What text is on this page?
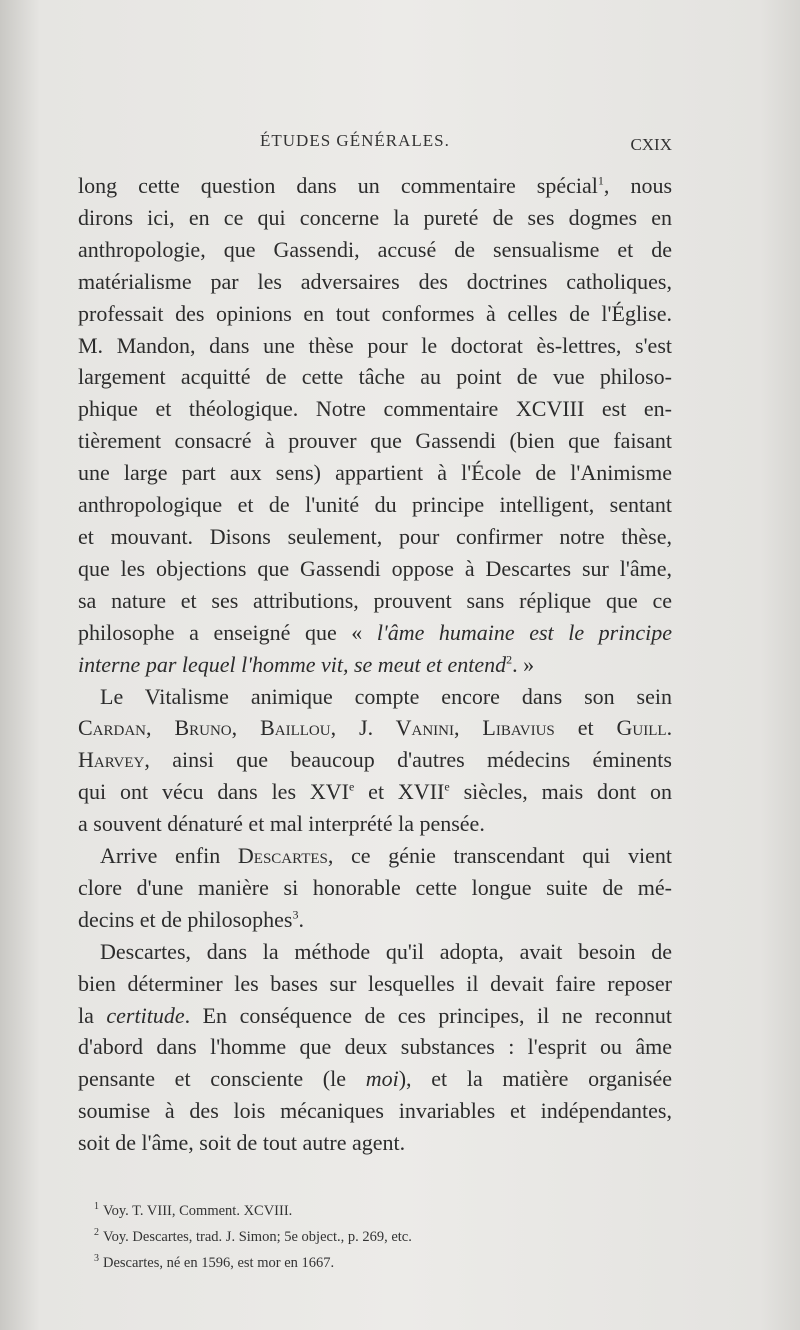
ÉTUDES GÉNÉRALES.	CXIX
long cette question dans un commentaire spécial$^1$, nous
dirons ici, en ce qui concerne la pureté de ses dogmes en
anthropologie, que Gassendi, accusé de sensualisme et de
matérialisme par les adversaires des doctrines catholiques,
professait des opinions en tout conformes à celles de l'Église.
M. Mandon, dans une thèse pour le doctorat ès-lettres, s'est
largement acquitté de cette tâche au point de vue philoso-
phique et théologique. Notre commentaire XCVIII est en-
tièrement consacré à prouver que Gassendi (bien que faisant
une large part aux sens) appartient à l'École de l'Animisme
anthropologique et de l'unité du principe intelligent, sentant
et mouvant. Disons seulement, pour confirmer notre thèse,
que les objections que Gassendi oppose à Descartes sur l'âme,
sa nature et ses attributions, prouvent sans réplique que ce
philosophe a enseigné que « l'âme humaine est le principe
interne par lequel l'homme vit, se meut et entend$^2$. »
Le Vitalisme animique compte encore dans son sein
Cardan, Bruno, Baillou, J. Vanini, Libavius et Guill.
Harvey, ainsi que beaucoup d'autres médecins éminents
qui ont vécu dans les XVIe et XVIIe siècles, mais dont on
a souvent dénaturé et mal interprété la pensée.
Arrive enfin Descartes, ce génie transcendant qui vient
clore d'une manière si honorable cette longue suite de mé-
decins et de philosophes$^3$.
Descartes, dans la méthode qu'il adopta, avait besoin de
bien déterminer les bases sur lesquelles il devait faire reposer
la certitude. En conséquence de ces principes, il ne reconnut
d'abord dans l'homme que deux substances : l'esprit ou âme
pensante et consciente (le moi), et la matière organisée
soumise à des lois mécaniques invariables et indépendantes,
soit de l'âme, soit de tout autre agent.
$^1$ Voy. T. VIII, Comment. XCVIII.
$^2$ Voy. Descartes, trad. J. Simon; 5e object., p. 269, etc.
$^3$ Descartes, né en 1596, est mor en 1667.
